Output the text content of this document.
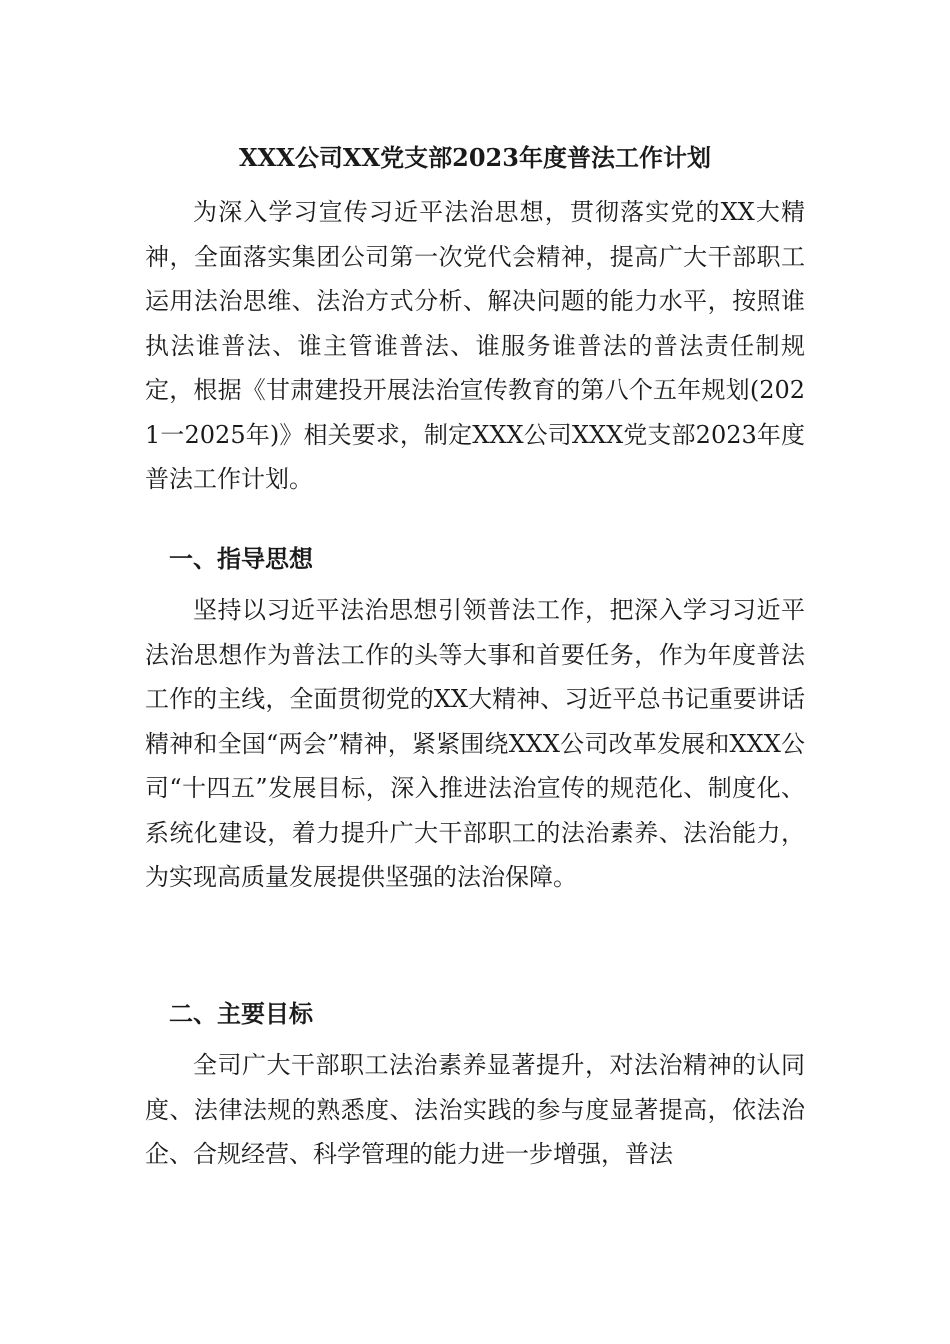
XXX公司XX党支部2023年度普法工作计划

为深入学习宣传习近平法治思想，贯彻落实党的XX大精神，全面落实集团公司第一次党代会精神，提高广大干部职工运用法治思维、法治方式分析、解决问题的能力水平，按照谁执法谁普法、谁主管谁普法、谁服务谁普法的普法责任制规定，根据《甘肃建投开展法治宣传教育的第八个五年规划(2021一2025年)》相关要求，制定XXX公司XXX党支部2023年度普法工作计划。

一、指导思想

坚持以习近平法治思想引领普法工作，把深入学习习近平法治思想作为普法工作的头等大事和首要任务，作为年度普法工作的主线，全面贯彻党的XX大精神、习近平总书记重要讲话精神和全国“两会”精神，紧紧围绕XXX公司改革发展和XXX公司“十四五”发展目标，深入推进法治宣传的规范化、制度化、系统化建设，着力提升广大干部职工的法治素养、法治能力，为实现高质量发展提供坚强的法治保障。

二、主要目标

全司广大干部职工法治素养显著提升，对法治精神的认同度、法律法规的熟悉度、法治实践的参与度显著提高，依法治企、合规经营、科学管理的能力进一步增强，普法
